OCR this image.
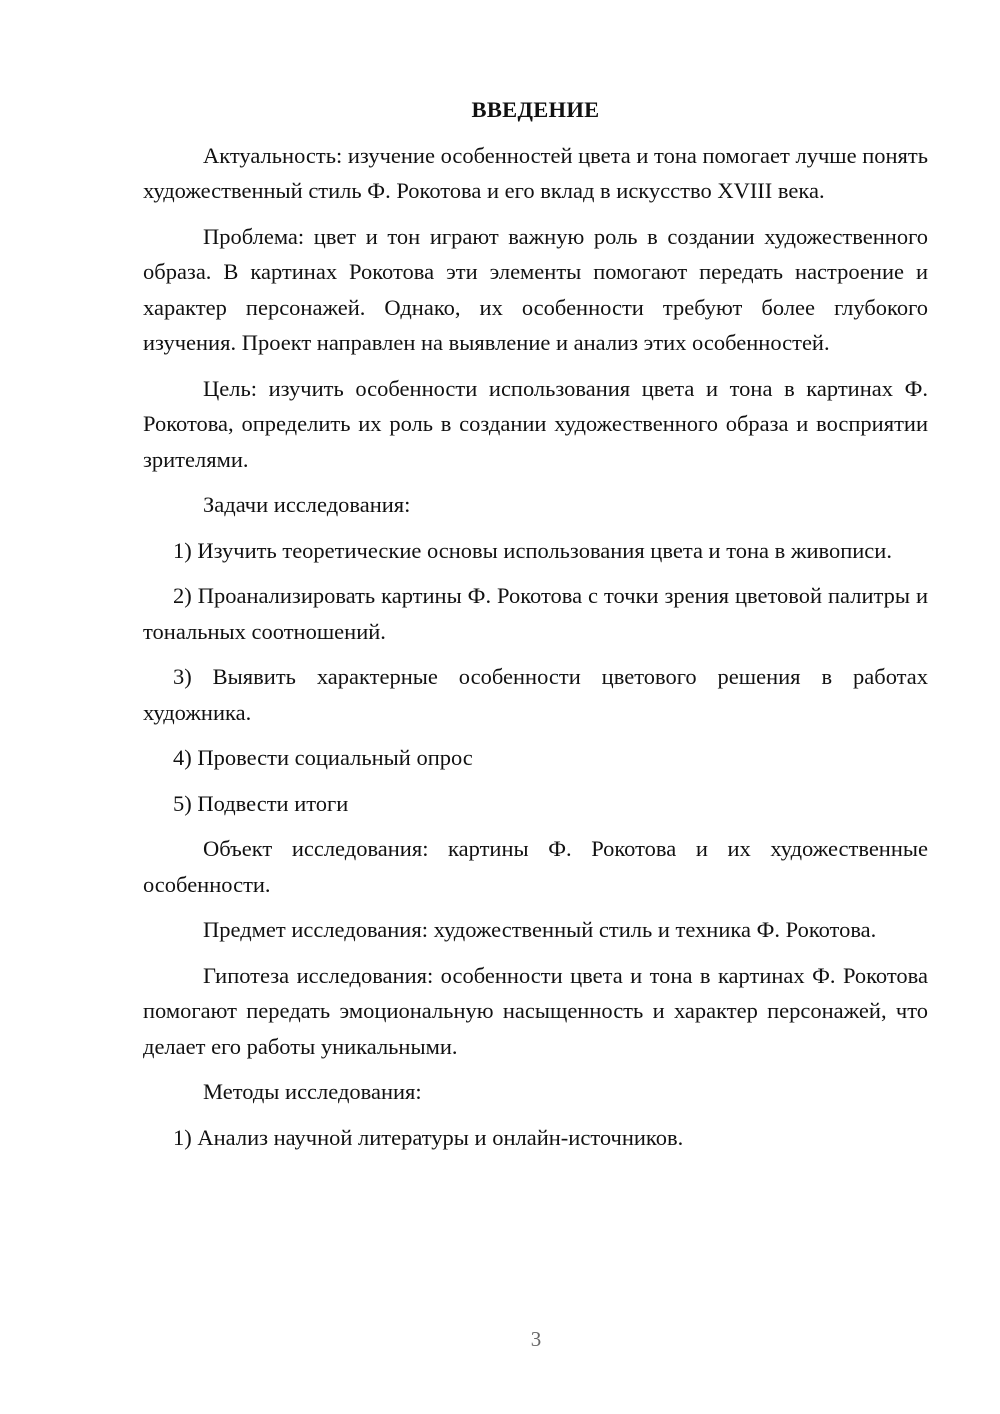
ВВЕДЕНИЕ

Актуальность: изучение особенностей цвета и тона помогает лучше понять художественный стиль Ф. Рокотова и его вклад в искусство XVIII века.

Проблема: цвет и тон играют важную роль в создании художественного образа. В картинах Рокотова эти элементы помогают передать настроение и характер персонажей. Однако, их особенности требуют более глубокого изучения. Проект направлен на выявление и анализ этих особенностей.

Цель: изучить особенности использования цвета и тона в картинах Ф. Рокотова, определить их роль в создании художественного образа и восприятии зрителями.

Задачи исследования:

1) Изучить теоретические основы использования цвета и тона в живописи.

2) Проанализировать картины Ф. Рокотова с точки зрения цветовой палитры и тональных соотношений.

3) Выявить характерные особенности цветового решения в работах художника.

4) Провести социальный опрос

5) Подвести итоги

Объект исследования: картины Ф. Рокотова и их художественные особенности.

Предмет исследования: художественный стиль и техника Ф. Рокотова.

Гипотеза исследования: особенности цвета и тона в картинах Ф. Рокотова помогают передать эмоциональную насыщенность и характер персонажей, что делает его работы уникальными.

Методы исследования:

1) Анализ научной литературы и онлайн-источников.

3
